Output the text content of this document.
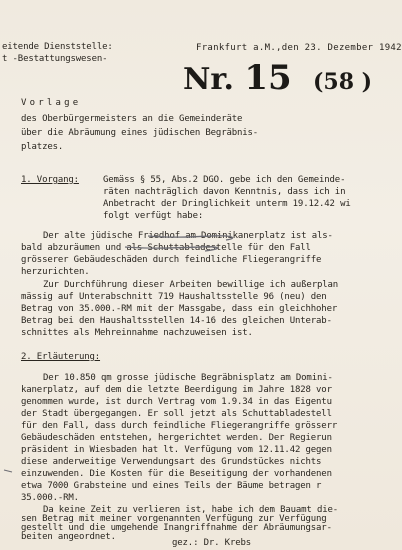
eitende Dienststelle:
t -Bestattungswesen-
Frankfurt a.M.,den 23. Dezember 1942
Nr. 15 (58 )
Vorlage
des Oberbürgermeisters an die Gemeinderäte
über die Abräumung eines jüdischen Begräbnis-
platzes.
1. Vorgang:	Gemäss § 55, Abs.2 DGO. gebe ich den Gemeinde-
räten nachträglich davon Kenntnis, dass ich in
Anbetracht der Dringlichkeit unterm 19.12.42 wi
folgt verfügt habe:
Der alte jüdische Friedhof am Dominikanerplatz ist als-
bald abzuräumen und als Schuttabladestelle für den Fall
grösserer Gebäudeschäden durch feindliche Fliegerangriffe
herzurichten.
Zur Durchführung dieser Arbeiten bewillige ich außerplan
mässig auf Unterabschnitt 719 Haushaltsstelle 96 (neu) den
Betrag von 35.000.-RM mit der Massgabe, dass ein gleichhoher
Betrag bei den Haushaltsstellen 14-16 des gleichen Unterab-
schnittes als Mehreinnahme nachzuweisen ist.
2. Erläuterung:
Der 10.850 qm grosse jüdische Begräbnisplatz am Domini-
kanerplatz, auf dem die letzte Beerdigung im Jahre 1828 vor
genommen wurde, ist durch Vertrag vom 1.9.34 in das Eigentu
der Stadt übergegangen. Er soll jetzt als Schuttabladestell
für den Fall, dass durch feindliche Fliegerangriffe grösserr
Gebäudeschäden entstehen, hergerichtet werden. Der Regierun
präsident in Wiesbaden hat lt. Verfügung vom 12.11.42 gegen
diese anderweitige Verwendungsart des Grundstückes nichts
einzuwenden. Die Kosten für die Beseitigung der vorhandenen
etwa 7000 Grabsteine und eines Teils der Bäume betragen r
35.000.-RM.
Da keine Zeit zu verlieren ist, habe ich dem Bauamt die-
sen Betrag mit meiner vorgenannten Verfügung zur Verfügung
gestellt und die umgehende Inangriffnahme der Abräumungsar-
beiten angeordnet.
gez.: Dr. Krebs
